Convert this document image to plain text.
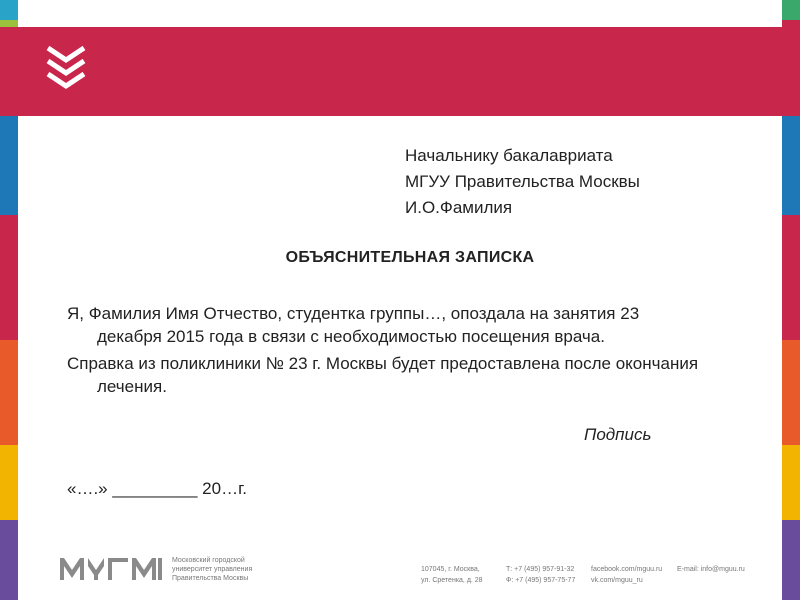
Начальнику бакалавриата
МГУУ Правительства Москвы
И.О.Фамилия
ОБЪЯСНИТЕЛЬНАЯ ЗАПИСКА
Я, Фамилия Имя Отчество, студентка группы…, опоздала на занятия 23 декабря 2015 года в связи с необходимостью посещения врача.
Справка из поликлиники № 23 г. Москвы будет предоставлена после окончания лечения.
Подпись
«….» _________ 20…г.
Московский городской
университет управления
Правительства Москвы
107045, г. Москва,
ул. Сретенка, д. 28
Т: +7 (495) 957-91-32
Ф: +7 (495) 957-75-77
facebook.com/mguu.ru
vk.com/mguu_ru
E-mail: info@mguu.ru
